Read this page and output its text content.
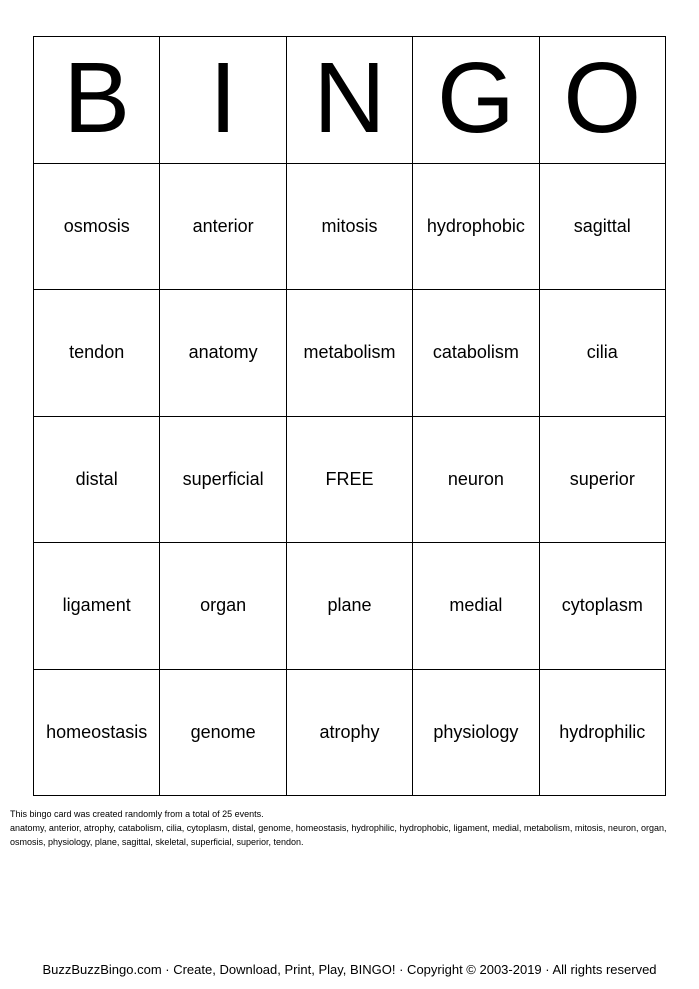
B I N G O
osmosis	anterior	mitosis	hydrophobic	sagittal
tendon	anatomy	metabolism	catabolism	cilia
distal	superficial	FREE	neuron	superior
ligament	organ	plane	medial	cytoplasm
homeostasis	genome	atrophy	physiology	hydrophilic
This bingo card was created randomly from a total of 25 events.
anatomy, anterior, atrophy, catabolism, cilia, cytoplasm, distal, genome, homeostasis, hydrophilic, hydrophobic, ligament, medial, metabolism, mitosis, neuron, organ, osmosis, physiology, plane, sagittal, skeletal, superficial, superior, tendon.
BuzzBuzzBingo.com · Create, Download, Print, Play, BINGO! · Copyright © 2003-2019 · All rights reserved
